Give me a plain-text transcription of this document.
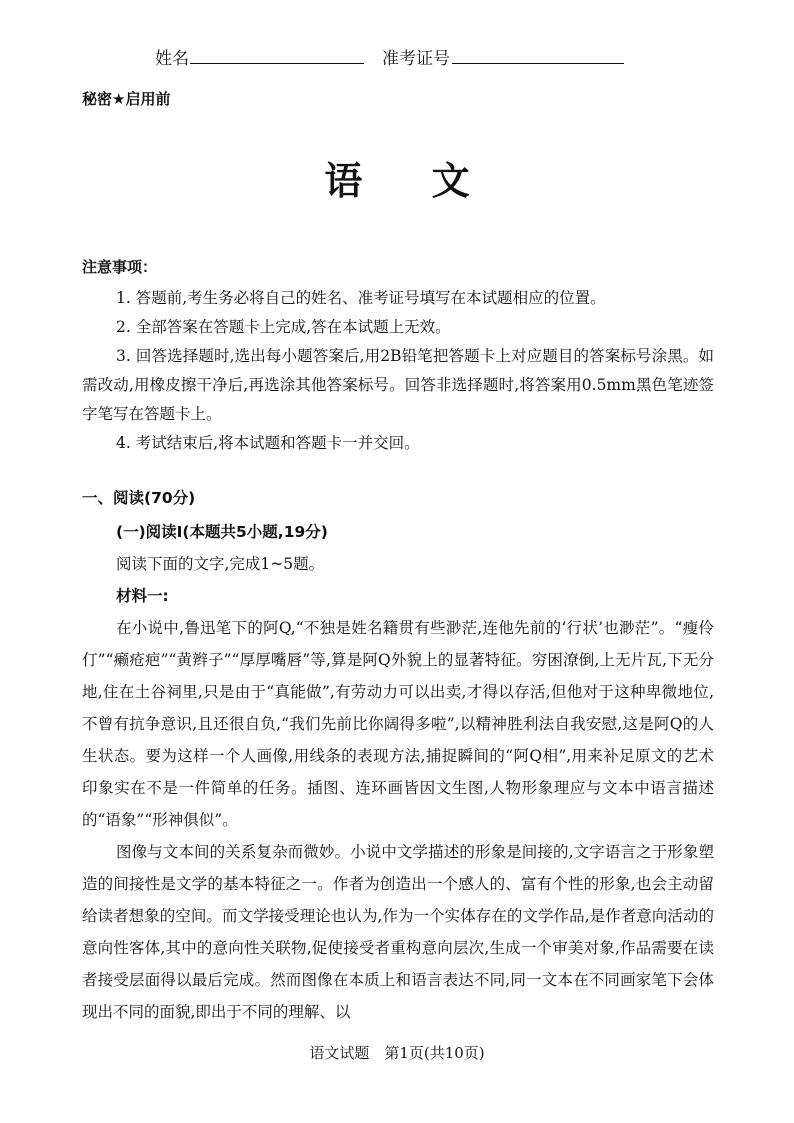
姓名	准考证号
秘密★启用前
语 文
注意事项：

1. 答题前,考生务必将自己的姓名、准考证号填写在本试题相应的位置。

2. 全部答案在答题卡上完成,答在本试题上无效。

3. 回答选择题时,选出每小题答案后,用2B铅笔把答题卡上对应题目的答案标号涂黑。如需改动,用橡皮擦干净后,再选涂其他答案标号。回答非选择题时,将答案用0.5mm黑色笔迹签字笔写在答题卡上。

4. 考试结束后,将本试题和答题卡一并交回。

一、阅读(70分)
(一)阅读Ⅰ(本题共5小题,19分)
阅读下面的文字,完成1~5题。
材料一:

在小说中,鲁迅笔下的阿Q,“不独是姓名籍贯有些渺茫,连他先前的‘行状’也渺茫”。“瘦伶仃”“癞疮疤”“黄辫子”“厚厚嘴唇”等,算是阿Q外貌上的显著特征。穷困潦倒,上无片瓦,下无分地,住在土谷祠里,只是由于“真能做”,有劳动力可以出卖,才得以存活,但他对于这种卑微地位,不曾有抗争意识,且还很自负,“我们先前比你阔得多啦”,以精神胜利法自我安慰,这是阿Q的人生状态。要为这样一个人画像,用线条的表现方法,捕捉瞬间的“阿Q相”,用来补足原文的艺术印象实在不是一件简单的任务。插图、连环画皆因文生图,人物形象理应与文本中语言描述的“语象”“形神俱似”。

图像与文本间的关系复杂而微妙。小说中文学描述的形象是间接的,文字语言之于形象塑造的间接性是文学的基本特征之一。作者为创造出一个感人的、富有个性的形象,也会主动留给读者想象的空间。而文学接受理论也认为,作为一个实体存在的文学作品,是作者意向活动的意向性客体,其中的意向性关联物,促使接受者重构意向层次,生成一个审美对象,作品需要在读者接受层面得以最后完成。然而图像在本质上和语言表达不同,同一文本在不同画家笔下会体现出不同的面貌,即出于不同的理解、以

语文试题　第1页(共10页)
